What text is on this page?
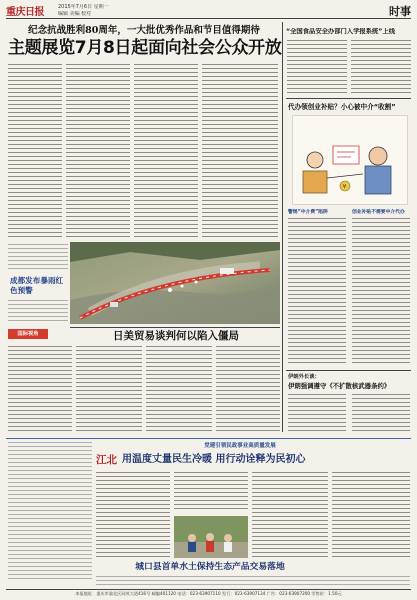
重庆日报	2015年7月6日 星期一
编辑 美编 校对	时事
纪念抗战胜利80周年，一大批优秀作品和节目值得期待
主题展览7月8日起面向社会公众开放
“全国食品安全办部门入学报系统”上线
代办领创业补贴？小心被中介“收割”
¥
警惕“中介费”陷阱	创业补贴不需要中介代办
伊朗外长谈：
伊朗强调遵守《不扩散核武器条约》
成都发布暴雨红色预警
日美贸易谈判何以陷入僵局
国际视角
党建引领民政事业高质量发展
江北 用温度丈量民生冷暖 用行动诠释为民初心
城口县首单水土保持生态产品交易落地
本报地址：重庆市渝北区同茂大道416号 邮编401120 电话：023-63907110 发行：023-63907134 广告：023-63907200 零售价：1.50元
